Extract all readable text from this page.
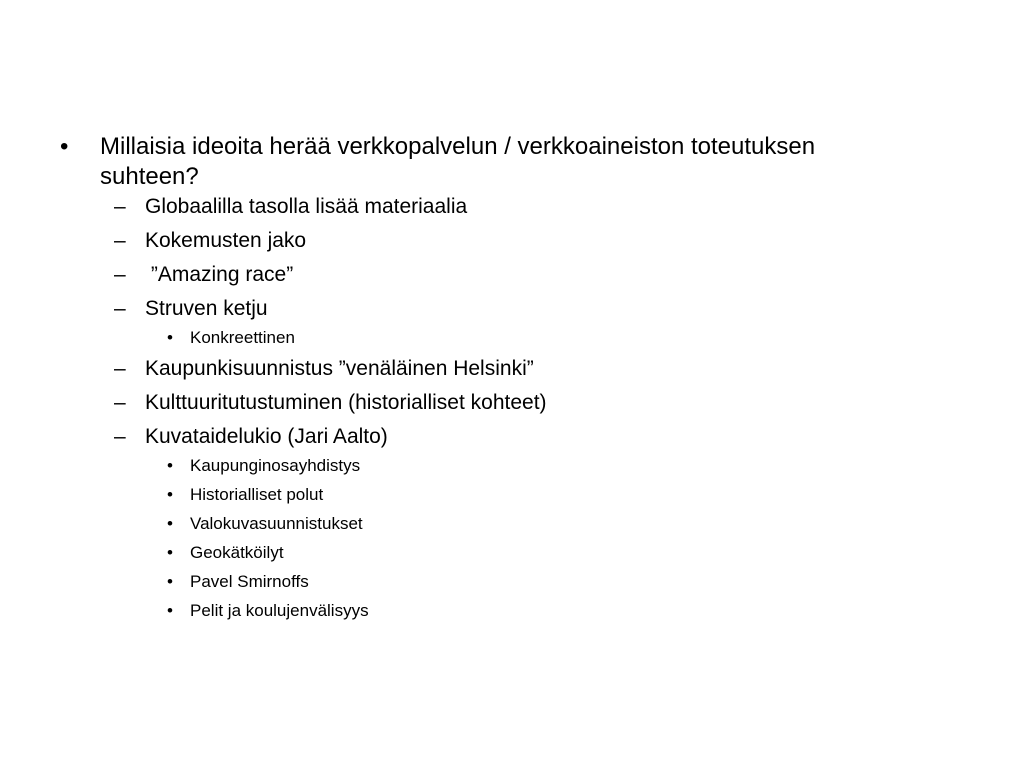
• Millaisia ideoita herää verkkopalvelun / verkkoaineiston toteutuksen suhteen?
– Globaalilla tasolla lisää materiaalia
– Kokemusten jako
– ”Amazing race”
– Struven ketju
• Konkreettinen
– Kaupunkisuunnistus ”venäläinen Helsinki”
– Kulttuuritutustuminen (historialliset kohteet)
– Kuvataidelukio (Jari Aalto)
• Kaupunginosayhdistys
• Historialliset polut
• Valokuvasuunnistukset
• Geokätköilyt
• Pavel Smirnoffs
• Pelit ja koulujenvälisyys
